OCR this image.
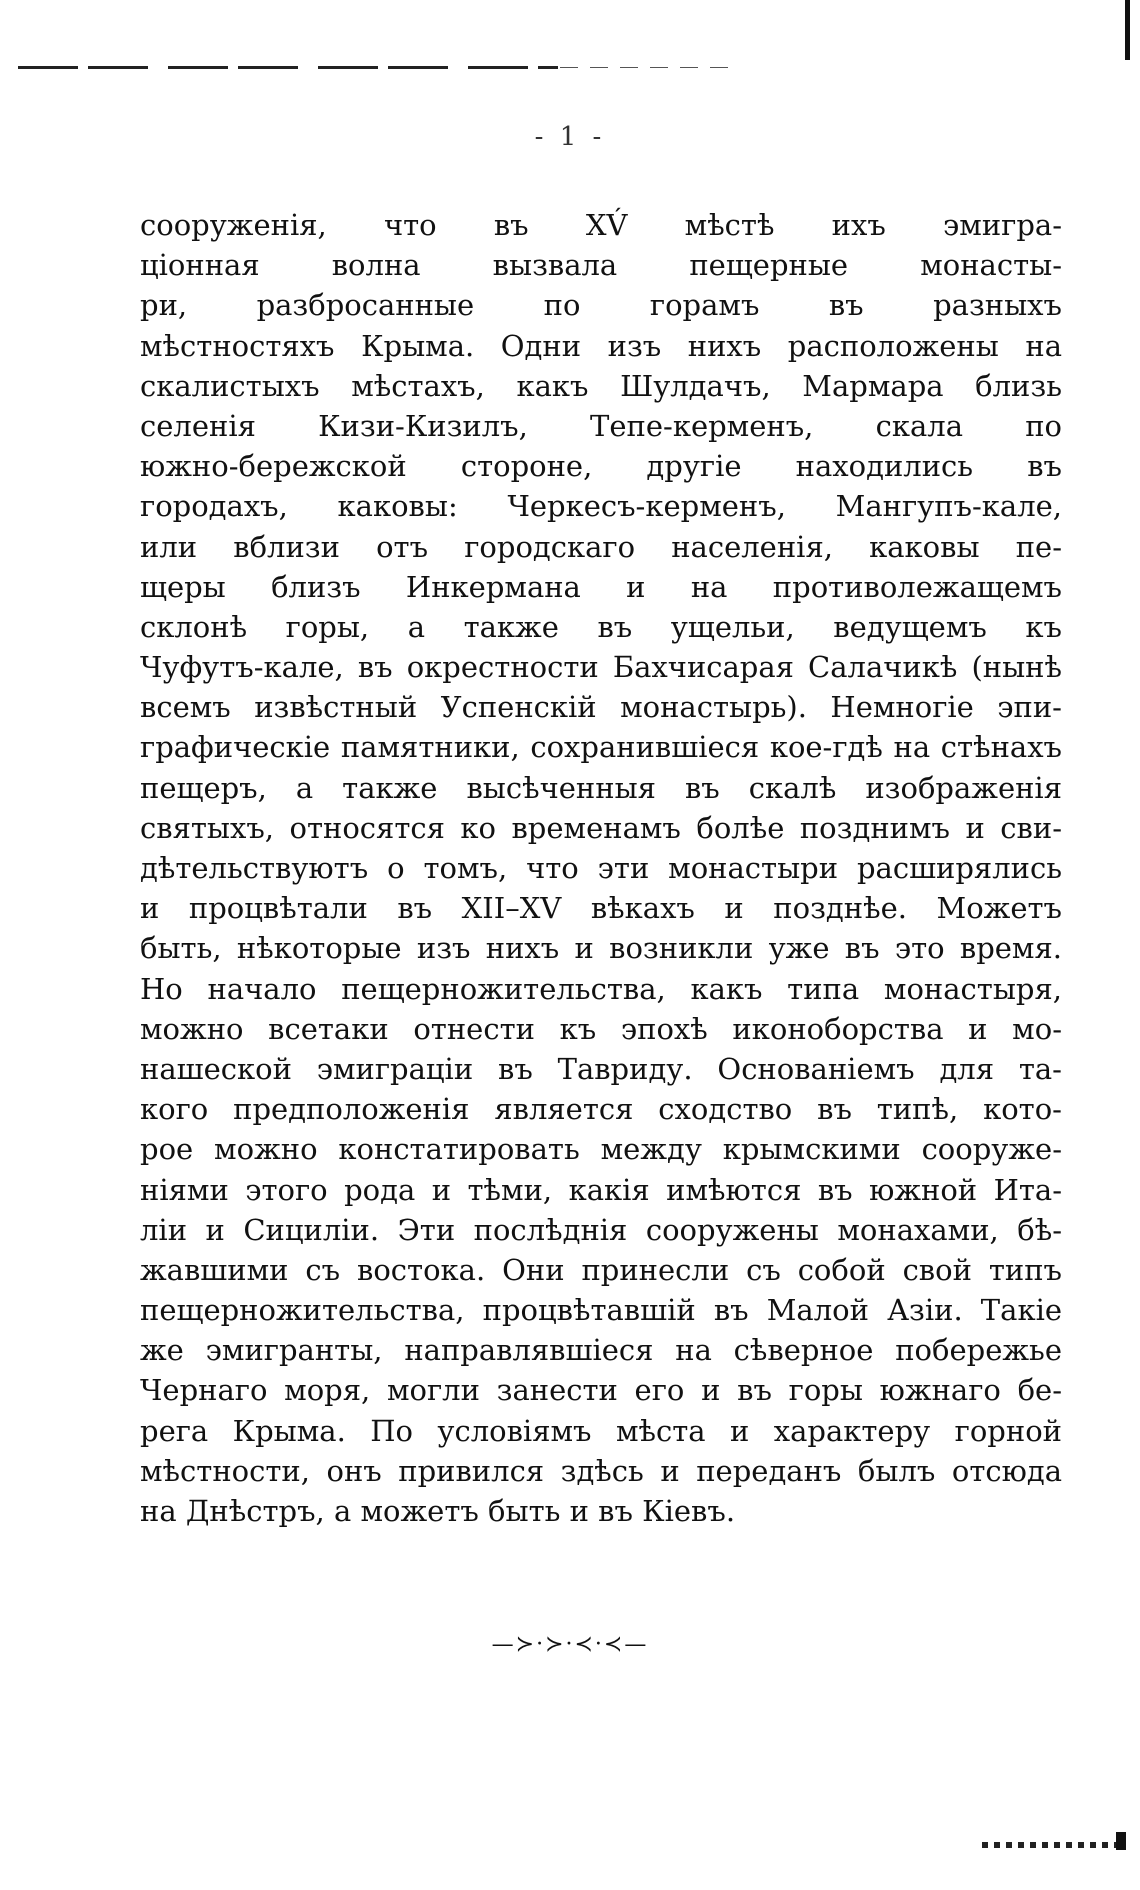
- 1 -
сооруженія, что въ XV́ мѣстѣ ихъ эмигра-
ціонная волна вызвала пещерные монасты-
ри, разбросанные по горамъ въ разныхъ
мѣстностяхъ Крыма. Одни изъ нихъ расположены на
скалистыхъ мѣстахъ, какъ Шулдачъ, Мармара близь
селенія Кизи-Кизилъ, Тепе-керменъ, скала по
южно-бережской стороне, другіе находились въ
городахъ, каковы: Черкесъ-керменъ, Мангупъ-кале,
или вблизи отъ городскаго населенія, каковы пе-
щеры близъ Инкермана и на противолежащемъ
склонѣ горы, а также въ ущельи, ведущемъ къ
Чуфутъ-кале, въ окрестности Бахчисарая Салачикѣ (нынѣ
всемъ извѣстный Успенскій монастырь). Немногіе эпи-
графическіе памятники, сохранившіеся кое-гдѣ на стѣнахъ
пещеръ, а также высѣченныя въ скалѣ изображенія
святыхъ, относятся ко временамъ болѣе позднимъ и сви-
дѣтельствуютъ о томъ, что эти монастыри расширялись
и процвѣтали въ XII–XV вѣкахъ и позднѣе. Можетъ
быть, нѣкоторые изъ нихъ и возникли уже въ это время.
Но начало пещерножительства, какъ типа монастыря,
можно всетаки отнести къ эпохѣ иконоборства и мо-
нашеской эмиграціи въ Тавриду. Основаніемъ для та-
кого предположенія является сходство въ типѣ, кото-
рое можно констатировать между крымскими сооруже-
ніями этого рода и тѣми, какія имѣются въ южной Ита-
ліи и Сициліи. Эти послѣднія сооружены монахами, бѣ-
жавшими съ востока. Они принесли съ собой свой типъ
пещерножительства, процвѣтавшій въ Малой Азіи. Такіе
же эмигранты, направлявшіеся на сѣверное побережье
Чернаго моря, могли занести его и въ горы южнаго бе-
рега Крыма. По условіямъ мѣста и характеру горной
мѣстности, онъ привился здѣсь и переданъ былъ отсюда
на Днѣстръ, а можетъ быть и въ Кіевъ.
—≻·≻·≺·≺—
